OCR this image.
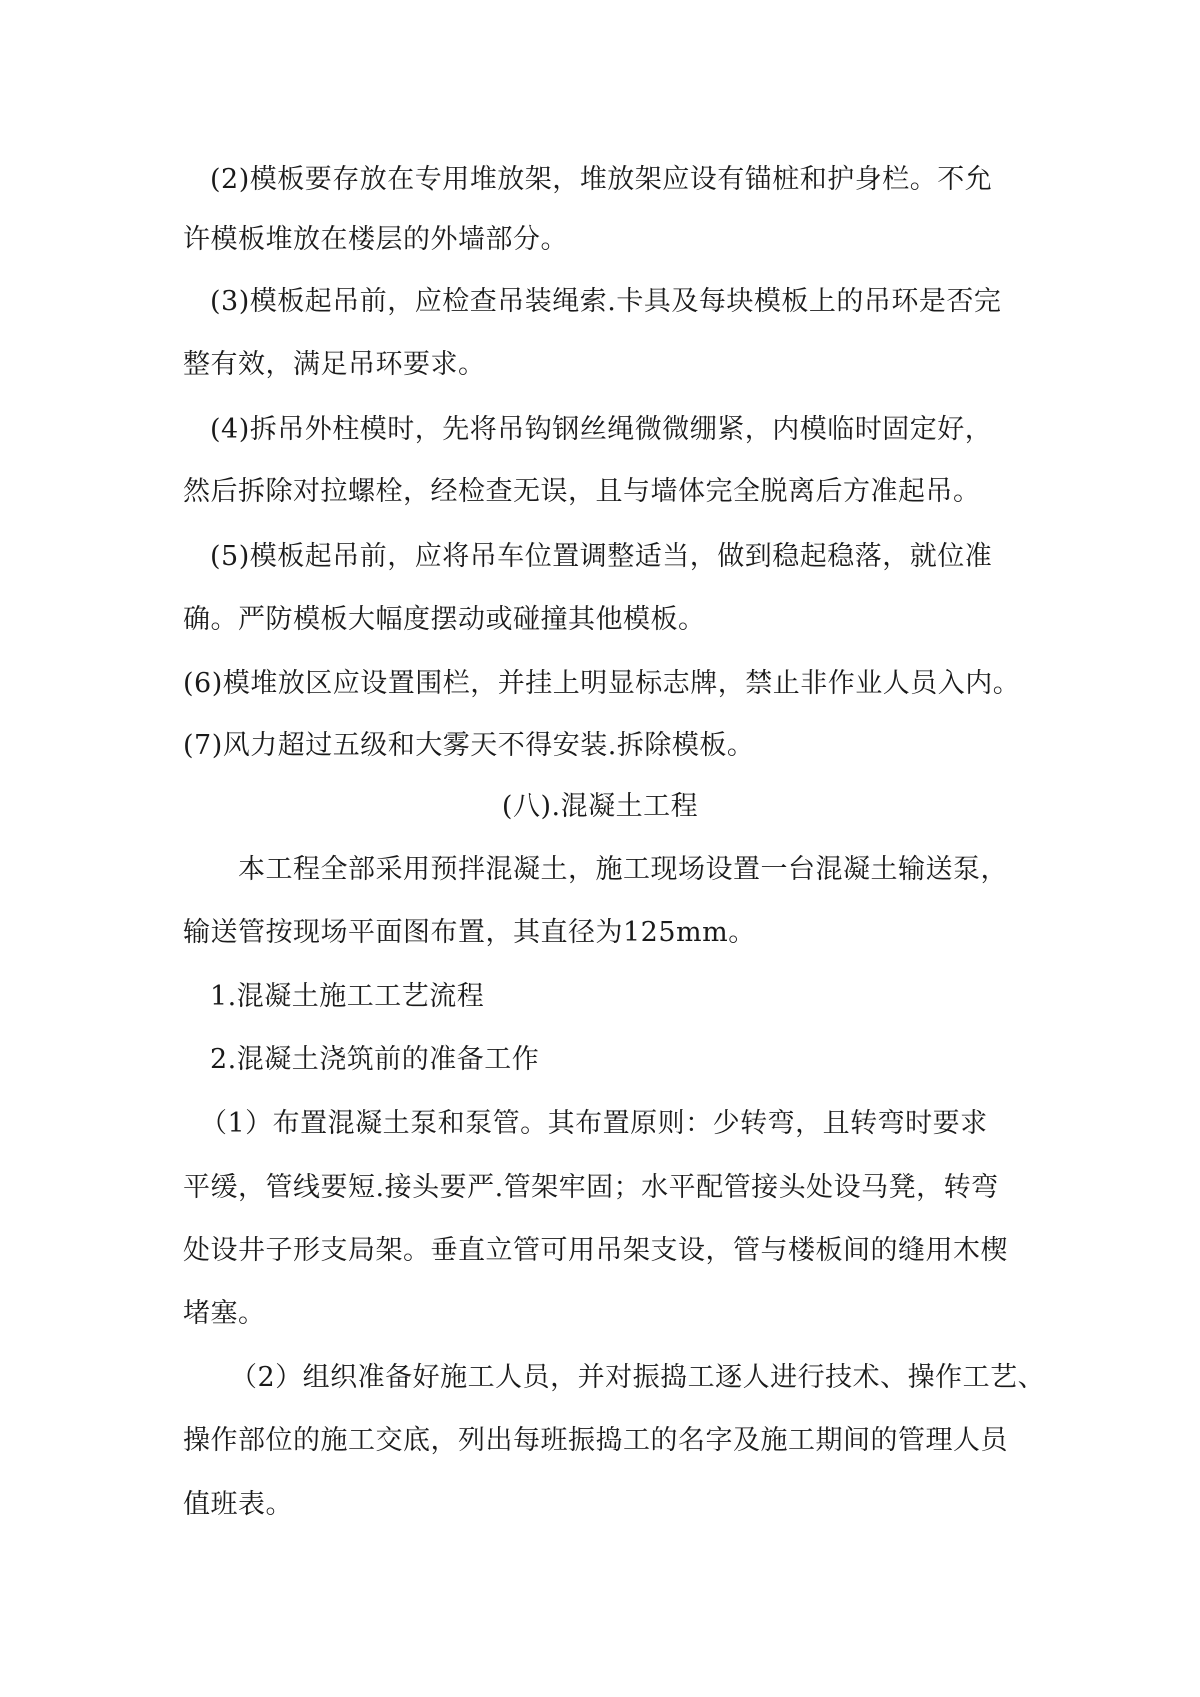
(2)模板要存放在专用堆放架，堆放架应设有锚桩和护身栏。不允
许模板堆放在楼层的外墙部分。
(3)模板起吊前，应检查吊装绳索.卡具及每块模板上的吊环是否完
整有效，满足吊环要求。
(4)拆吊外柱模时，先将吊钩钢丝绳微微绷紧，内模临时固定好，
然后拆除对拉螺栓，经检查无误，且与墙体完全脱离后方准起吊。
(5)模板起吊前，应将吊车位置调整适当，做到稳起稳落，就位准
确。严防模板大幅度摆动或碰撞其他模板。
(6)模堆放区应设置围栏，并挂上明显标志牌，禁止非作业人员入内。
(7)风力超过五级和大雾天不得安装.拆除模板。
(八).混凝土工程
本工程全部采用预拌混凝土，施工现场设置一台混凝土输送泵，
输送管按现场平面图布置，其直径为125mm。
1.混凝土施工工艺流程
2.混凝土浇筑前的准备工作
（1）布置混凝土泵和泵管。其布置原则：少转弯，且转弯时要求
平缓，管线要短.接头要严.管架牢固；水平配管接头处设马凳，转弯
处设井子形支局架。垂直立管可用吊架支设，管与楼板间的缝用木楔
堵塞。
（2）组织准备好施工人员，并对振捣工逐人进行技术、操作工艺、
操作部位的施工交底，列出每班振捣工的名字及施工期间的管理人员
值班表。
